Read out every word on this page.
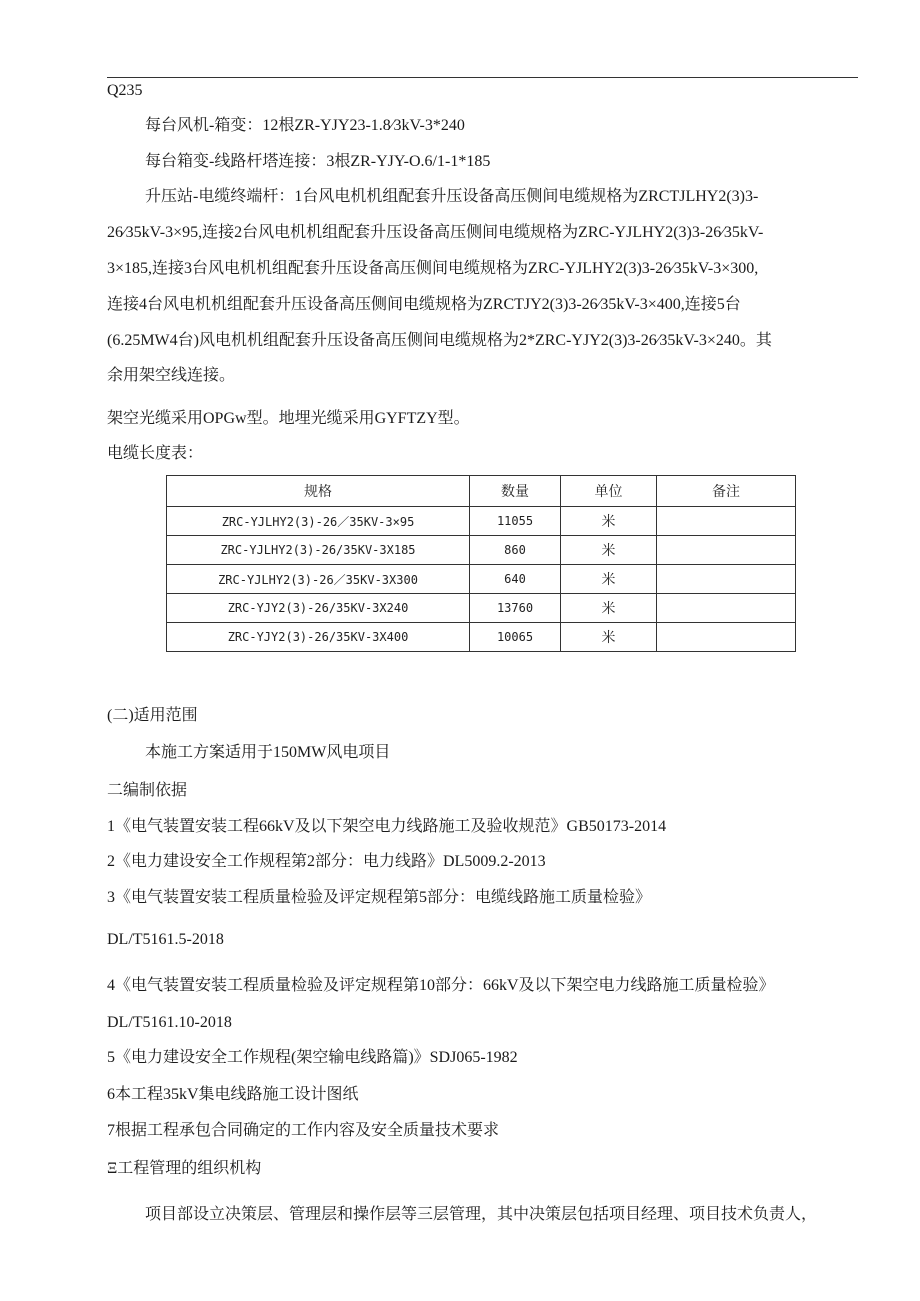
Q235
每台风机-箱变：12根ZR-YJY23-1.8⁄3kV-3*240
每台箱变-线路杆塔连接：3根ZR-YJY-O.6/1-1*185
升压站-电缆终端杆：1台风电机机组配套升压设备高压侧间电缆规格为ZRCTJLHY2(3)3-
26⁄35kV-3×95,连接2台风电机机组配套升压设备高压侧间电缆规格为ZRC-YJLHY2(3)3-26⁄35kV-
3×185,连接3台风电机机组配套升压设备高压侧间电缆规格为ZRC-YJLHY2(3)3-26⁄35kV-3×300,
连接4台风电机机组配套升压设备高压侧间电缆规格为ZRCTJY2(3)3-26⁄35kV-3×400,连接5台
(6.25MW4台)风电机机组配套升压设备高压侧间电缆规格为2*ZRC-YJY2(3)3-26⁄35kV-3×240。其
余用架空线连接。
架空光缆采用OPGw型。地埋光缆采用GYFTZY型。
电缆长度表：
规格	数量	单位	备注
ZRC-YJLHY2(3)-26／35KV-3×95	11055	米	
ZRC-YJLHY2(3)-26/35KV-3X185	860	米	
ZRC-YJLHY2(3)-26／35KV-3X300	640	米	
ZRC-YJY2(3)-26/35KV-3X240	13760	米	
ZRC-YJY2(3)-26/35KV-3X400	10065	米	
(二)适用范围
本施工方案适用于150MW风电项目
二编制依据
1《电气装置安装工程66kV及以下架空电力线路施工及验收规范》GB50173-2014
2《电力建设安全工作规程第2部分：电力线路》DL5009.2-2013
3《电气装置安装工程质量检验及评定规程第5部分：电缆线路施工质量检验》
DL/T5161.5-2018
4《电气装置安装工程质量检验及评定规程第10部分：66kV及以下架空电力线路施工质量检验》
DL/T5161.10-2018
5《电力建设安全工作规程(架空输电线路篇)》SDJ065-1982
6本工程35kV集电线路施工设计图纸
7根据工程承包合同确定的工作内容及安全质量技术要求
Ξ工程管理的组织机构
项目部设立决策层、管理层和操作层等三层管理，其中决策层包括项目经理、项目技术负责人，
